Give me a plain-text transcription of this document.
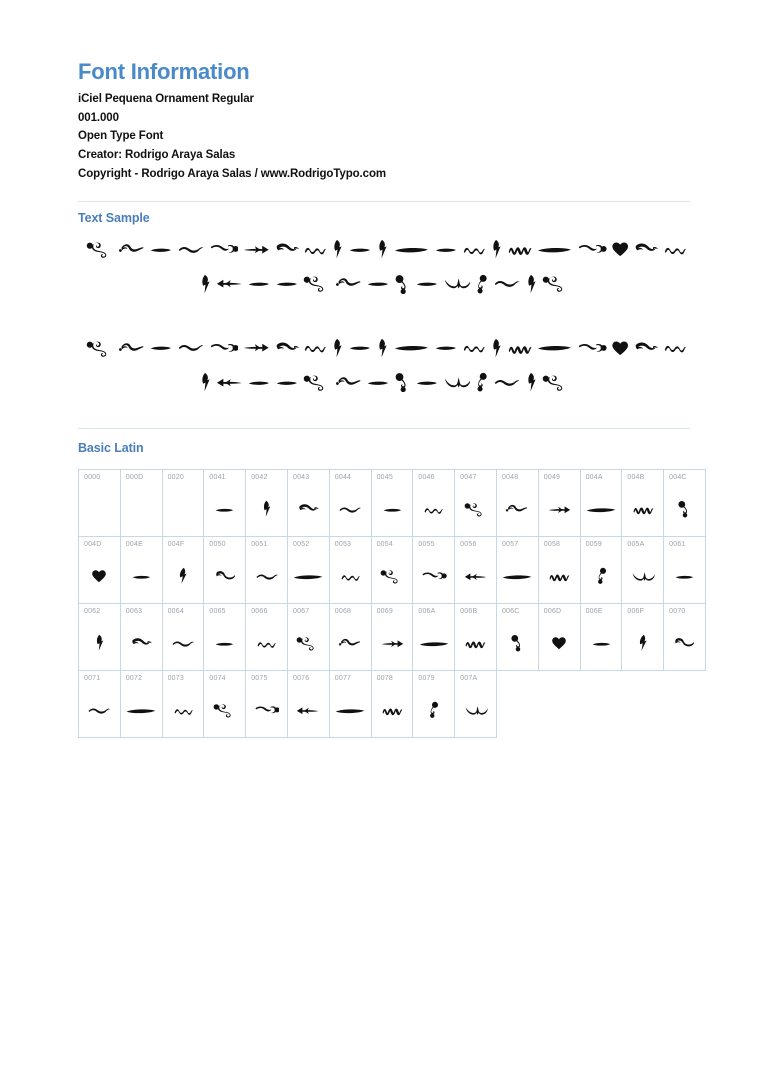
Font Information
iCiel Pequena Ornament Regular
001.000
Open Type Font
Creator: Rodrigo Araya Salas
Copyright - Rodrigo Araya Salas / www.RodrigoTypo.com
Text Sample
Basic Latin
0000	000D	0020	0041	0042	0043	0044	0045	0046	0047	0048	0049	004A	004B	004C

004D	004E	004F	0050	0051	0052	0053	0054	0055	0056	0057	0058	0059	005A	0061

0062	0063	0064	0065	0066	0067	0068	0069	006A	006B	006C	006D	006E	006F	0070

0071	0072	0073	0074	0075	0076	0077	0078	0079	007A					
